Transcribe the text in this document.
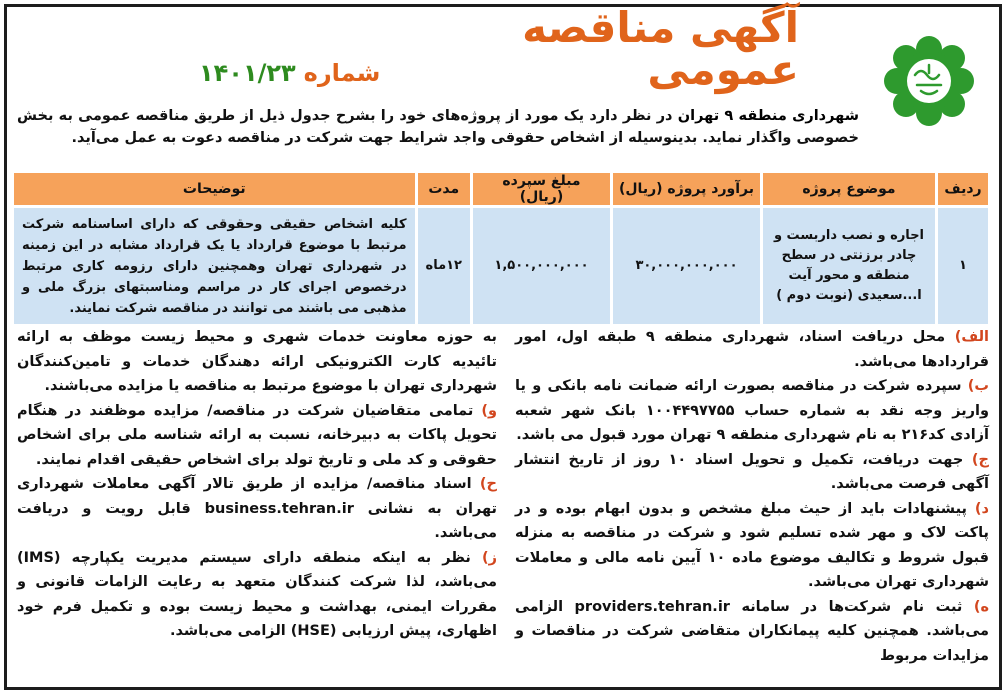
آگهی مناقصه عمومی
شماره
۱۴۰۱/۲۳
شهرداری منطقه ۹ تهران در نظر دارد یک مورد از پروژه‌های خود را بشرح جدول ذیل از طریق مناقصه عمومی به بخش خصوصی واگذار نماید. بدینوسیله از اشخاص حقوقی واجد شرایط جهت شرکت در مناقصه دعوت به عمل می‌آید.
ردیف	موضوع پروژه	برآورد پروژه (ریال)	مبلغ سپرده (ریال)	مدت	توضیحات
۱	اجاره و نصب داربست و چادر برزنتی در سطح منطقه و محور آیت ا...سعیدی (نوبت دوم )	۳۰,۰۰۰,۰۰۰,۰۰۰	۱,۵۰۰,۰۰۰,۰۰۰	۱۲ماه	کلیه اشخاص حقیقی وحقوقی که دارای اساسنامه شرکت مرتبط با موضوع قرارداد یا یک قرارداد مشابه در این زمینه در شهرداری تهران وهمچنین دارای رزومه کاری مرتبط درخصوص اجرای کار در مراسم ومناسبتهای بزرگ ملی و مذهبی می باشند می توانند در مناقصه شرکت نمایند.

الف) محل دریافت اسناد، شهرداری منطقه ۹ طبقه اول، امور قراردادها می‌باشد.

ب) سپرده شرکت در مناقصه بصورت ارائه ضمانت نامه بانکی و یا واریز وجه نقد به شماره حساب ۱۰۰۴۴۹۷۷۵۵ بانک شهر شعبه آزادی کد۲۱۶ به نام شهرداری منطقه ۹ تهران مورد قبول می باشد.

ج) جهت دریافت، تکمیل و تحویل اسناد ۱۰ روز از تاریخ انتشار آگهی فرصت می‌باشد.

د) پیشنهادات باید از حیث مبلغ مشخص و بدون ابهام بوده و در پاکت لاک و مهر شده تسلیم شود و شرکت در مناقصه به منزله قبول شروط و تکالیف موضوع ماده ۱۰ آیین نامه مالی و معاملات شهرداری تهران می‌باشد.

ه) ثبت نام شرکت‌ها در سامانه providers.tehran.ir الزامی می‌باشد. همچنین کلیه پیمانکاران متقاضی شرکت در مناقصات و مزایدات مربوط

به حوزه معاونت خدمات شهری و محیط زیست موظف به ارائه تائیدیه کارت الکترونیکی ارائه دهندگان خدمات و تامین‌کنندگان شهرداری تهران با موضوع مرتبط به مناقصه یا مزایده می‌باشند.

و) تمامی متقاضیان شرکت در مناقصه/ مزایده موظفند در هنگام تحویل پاکات به دبیرخانه، نسبت به ارائه شناسه ملی برای اشخاص حقوقی و کد ملی و تاریخ تولد برای اشخاص حقیقی اقدام نمایند.

ح) اسناد مناقصه/ مزایده از طریق تالار آگهی معاملات شهرداری تهران به نشانی business.tehran.ir قابل رویت و دریافت می‌باشد.

ز) نظر به اینکه منطقه دارای سیستم مدیریت یکپارچه (IMS) می‌باشد، لذا شرکت کنندگان متعهد به رعایت الزامات قانونی و مقررات ایمنی، بهداشت و محیط زیست بوده و تکمیل فرم خود اظهاری، پیش ارزیابی (HSE) الزامی می‌باشد.
